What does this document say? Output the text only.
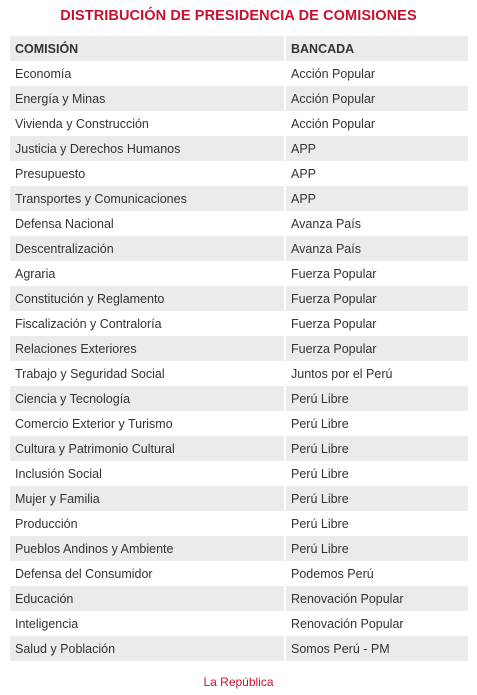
DISTRIBUCIÓN DE PRESIDENCIA DE COMISIONES
COMISIÓN	BANCADA
Economía	Acción Popular
Energía y Minas	Acción Popular
Vivienda y Construcción	Acción Popular
Justicia y Derechos Humanos	APP
Presupuesto	APP
Transportes y Comunicaciones	APP
Defensa Nacional	Avanza País
Descentralización	Avanza País
Agraria	Fuerza Popular
Constitución y Reglamento	Fuerza Popular
Fiscalización y Contraloría	Fuerza Popular
Relaciones Exteriores	Fuerza Popular
Trabajo y Seguridad Social	Juntos por el Perú
Ciencia y Tecnología	Perú Libre
Comercio Exterior y Turismo	Perú Libre
Cultura y Patrimonio Cultural	Perú Libre
Inclusión Social	Perú Libre
Mujer y Familia	Perú Libre
Producción	Perú Libre
Pueblos Andinos y Ambiente	Perú Libre
Defensa del Consumidor	Podemos Perú
Educación	Renovación Popular
Inteligencia	Renovación Popular
Salud y Población	Somos Perú - PM
La República
